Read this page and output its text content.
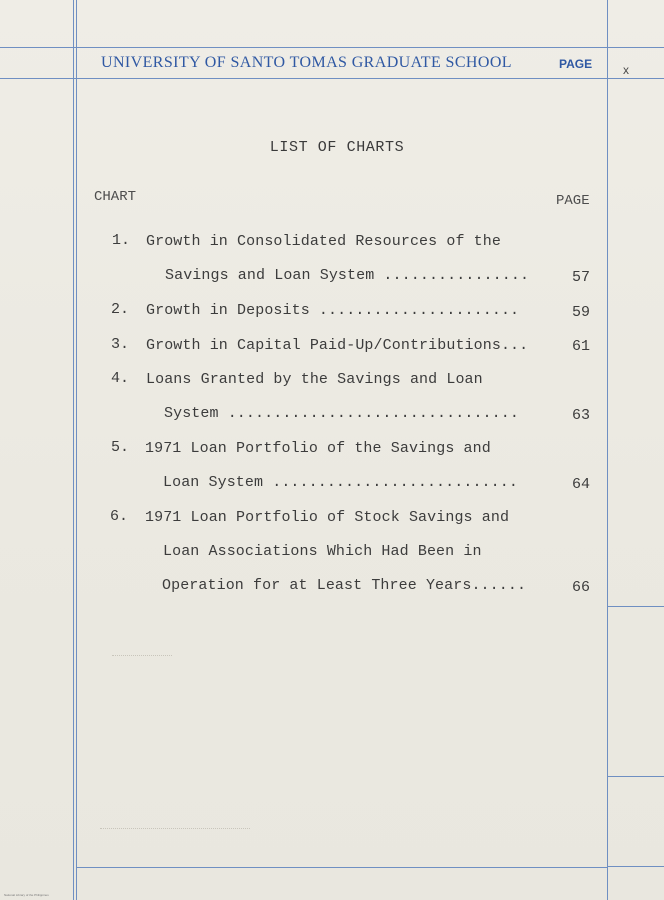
UNIVERSITY OF SANTO TOMAS GRADUATE SCHOOL	PAGE	x
LIST OF CHARTS
CHART	PAGE
1. Growth in Consolidated Resources of the
Savings and Loan System ................	57
2. Growth in Deposits ......................	59
3. Growth in Capital Paid-Up/Contributions...	61
4. Loans Granted by the Savings and Loan
System ................................	63
5. 1971 Loan Portfolio of the Savings and
Loan System ...........................	64
6. 1971 Loan Portfolio of Stock Savings and
Loan Associations Which Had Been in
Operation for at Least Three Years......	66
National Library of the Philippines
